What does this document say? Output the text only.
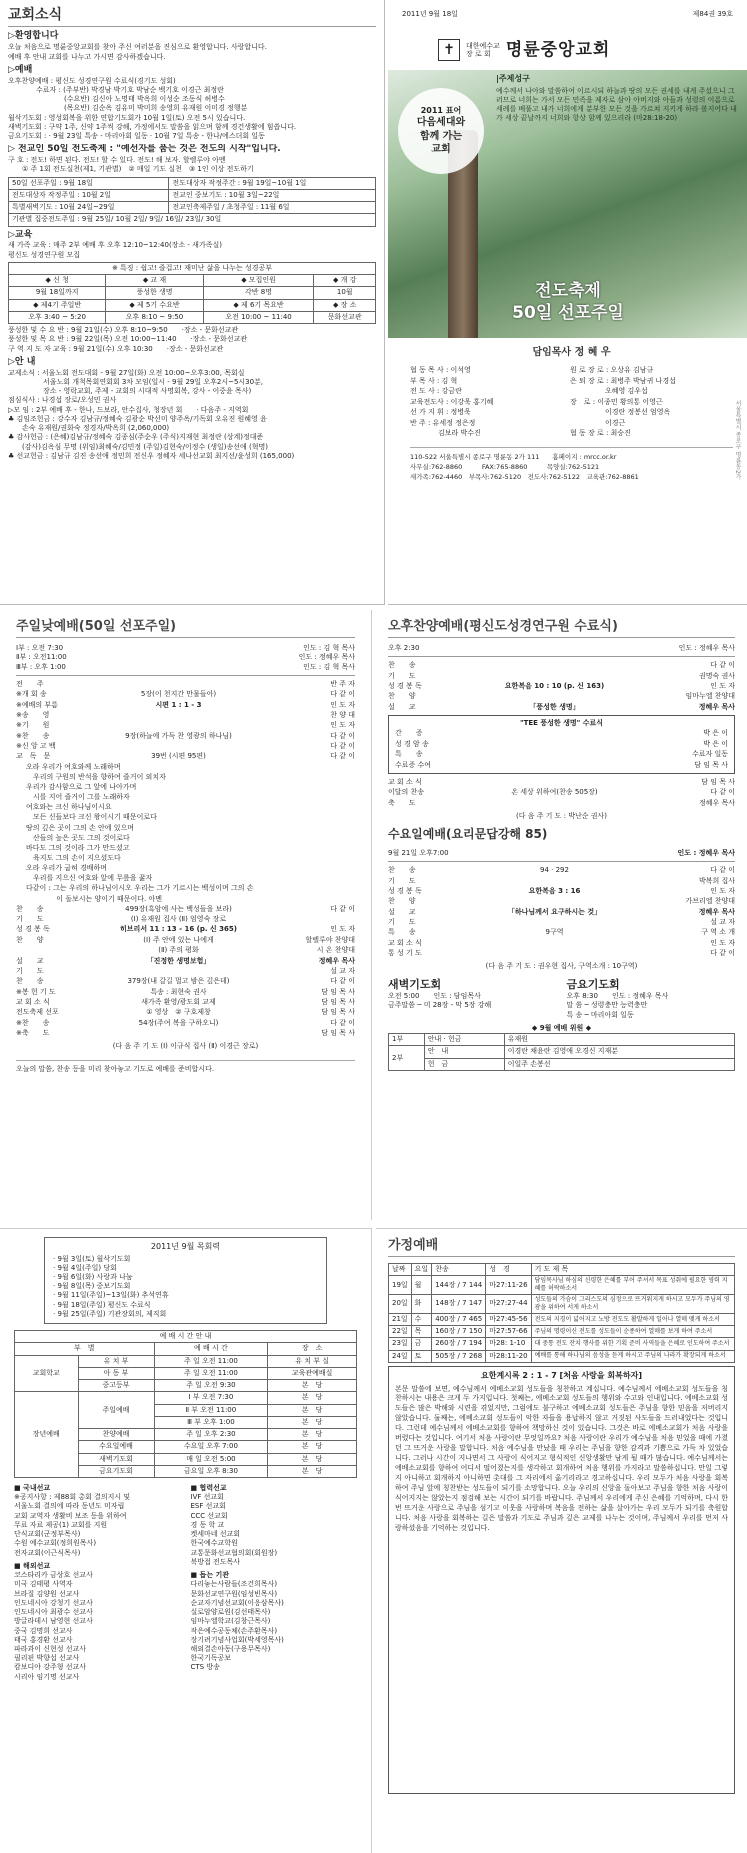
교회소식
▷환영합니다
오늘 처음으로 명륜중앙교회를 찾아 주신 여러분을 진심으로 환영합니다. 사랑합니다.
예배 후 안내 교회를 나누고 가시면 감사하겠습니다.
▷예배
오후찬양예배 : 평신도 성경연구원 수료식(경기도 성회)
　　　　수료자 : (주부반) 박경남 박기호 박남순 백기호 이경근 최정란
　　　　　　　　(수요반) 김신아 노명태 박옥희 이성순 조동식 허병수
　　　　　　　　(목요반) 김순옥 김유미 박미희 송영희 유재원 이미경 정행분
월삭기도회 : 영성회복을 위한 연합기도회가 10월 1일(토) 오전 5시 있습니다.
새벽기도회 : 구약 1주, 신약 1주씩 강해, 가정에서도 말씀을 읽으며 함께 경건생활에 힘씁니다.
금요기도회 : · 9월 23일 특송 - 마리아회 일동 · 10월 7일 특송 - 한나/에스더회 일동
▷ 전교인 50일 전도축제 : "예선자를 품는 것은 전도의 시작"입니다.
구 호 : 전도! 하면 된다. 전도! 할 수 있다. 전도! 해 보자. 할렐루야 아멘
　　① 주 1회 전도실천(제1, 기관별)　② 매일 기도 실천　③ 1인 이상 전도하기
50일 선포주일 : 9월 18일	전도대상자 작정주간 : 9월 19일~10월 1일
전도대상자 작정주일 : 10월 2일	전교인 중보기도 : 10월 3일~22일
특별새벽기도 : 10월 24일~29일	전교인축제주일 / 초청주일 : 11월 6일
기관별 집중전도주일 : 9월 25일/ 10월 2일/ 9일/ 16일/ 23일/ 30일	
▷교육
새 가족 교육 : 매주 2부 예배 후 오후 12:10~12:40(장소 - 새가족실)
평신도 성경연구원 모집
※ 특징 : 쉽고! 즐겁고! 재미난 삶을 나누는 성경공부			
◆ 신 청	◆ 교 재	◆ 모집인원	◆ 개 강
9월 18일까지	풍성한 생명	각반 8명	10월
◆ 제4기 주일반	◆ 제 5기 수요반	◆ 제 6기 목요반	◆ 장 소
오후 3:40 ~ 5:20	오후 8:10 ~ 9:50	오전 10:00 ~ 11:40	문화선교관
풍성한 및 수 요 반 : 9월 21일(수) 오후 8:10~9:50　　·장소 - 문화선교관
풍성한 및 목 요 반 : 9월 22일(목) 오전 10:00~11:40　　·장소 - 문화선교관
구 역 지 도 자 교육 : 9월 21일(수) 오후 10:30　　·장소 - 문화선교관
▷안 내
교제소식 : 서울노회 전도대회 - 9월 27일(화) 오전 10:00~오후3:00, 목회실
　　　　　서울노회 개척목회연회회 3차 모임(일시 - 9월 29일 오후2시~5시30분,
　　　　　장소 - 영락교회, 주제 - 교회의 시대적 사명회복, 강사 - 이중윤 목사)
점심식사 : 나경섭 장로/오성민 권사
▷모 임 : 2부 예배 후 - 한나, 드보라, 안수집사, 청장년 회　　· 다음주 - 지역회
♣ 김임조헌금 : 강수자 김남규/정혜숙 김광순 박선미 양주옥/기독회 오유진 원혜영 윤
　　손숙 유재원/권화숙 정경자/박옥희 (2,060,000)
♣ 감사헌금 : (은혜)김남규/정혜숙 김종심(주순우 (주식)지재현 최정란 (상계)정대준
　　(감사)김옥심 무명 (위임)최혜숙/김민정 (주일)김현숙/이정수 (생일)송선애 (혁명)
♣ 선교헌금 : 김남규 김진 송선애 정민희 전신우 정혜자 세나선교회 최지선/윤성희 (165,000)
2011년 9월 18일	제84권 39호
✝	대한예수교
장 로 회 명륜중앙교회
2011 표어
다음세대와
함께 가는
교회
|주제성구
예수께서 나아와 말씀하여 이르시되 하늘과 땅의 모든 권세를 내게 주셨으니 그러므로 너희는 가서 모든 민족을 제자로 삼아 아버지와 아들과 성령의 이름으로 세례를 베풀고 내가 너희에게 분부한 모든 것을 가르쳐 지키게 하라 볼지어다 내가 세상 끝날까지 너희와 항상 함께 있으리라 (마28:18-20)
전도축제
50일 선포주일
담임목사 정 혜 우
협 동 목 사 : 이석영	원 로 장 로 : 오상유 김남규
부 목 사 : 김 혁	은 퇴 장 로 : 최병주 박남귀 나경섭
전 도 사 : 강금란	　　　　　오혜영 김우섭
교육전도사 : 이강욱 홍기혜	장　로 : 이종민 황의통 이영근
선 가 지 휘 : 정병욱	　　　　　이경란 정봉선 엄영옥
반 주 : 유세정 정은정	　　　　　이경근
　　　　김보라 박수진	협 동 장 로 : 최승진
110-522 서울특별시 종로구 명륜동 2가 111　　홈페이지 : mrcc.or.kr
사무실:762-8860　　　FAX:765-8860　　　목양실:762-5121
새가족:762-4460　부목사:762-5120　전도사:762-5122　교육관:762-8861	서울특별시 종로구 명륜동2가
주일낮예배(50일 선포주일)
Ⅰ부 : 오전 7:30	인도 : 김 혁 목사
Ⅱ부 : 오전11:00	인도 : 정혜우 목사
Ⅲ부 : 오후 1:00	인도 : 김 혁 목사
전　　주	반 주 자
※개 회 송	5장(이 천지간 만물들아)	다 같 이
※예배의 부름	시편 1 : 1 - 3	인 도 자
※송　　영	찬 양 대
※기　　원	인 도 자
※찬　　송	9장(하늘에 가득 찬 영광의 하나님)	다 같 이
※신 앙 고 백	다 같 이
교　독　문	39번 (시편 95편)	다 같 이
오라 우리가 여호와께 노래하며
　우리의 구원의 반석을 향하여 즐거이 외치자
우리가 감사함으로 그 앞에 나아가며
　시를 지어 즐거이 그를 노래하자
여호와는 크신 하나님이시요
　모든 신들보다 크신 왕이시기 때문이로다
땅의 깊은 곳이 그의 손 안에 있으며
　산들의 높은 곳도 그의 것이로다
바다도 그의 것이라 그가 만드셨고
　육지도 그의 손이 지으셨도다
오라 우리가 굽혀 경배하며
　우리를 지으신 여호와 앞에 무릎을 꿇자
다같이 : 그는 우리의 하나님이시오 우리는 그가 기르시는 백성이며 그의 손
　　　　 이 돌보시는 양이기 때문이다. 아멘
찬　　송	499장(흑암에 사는 백성들을 보라)	다 같 이
기　　도	(Ⅰ) 유재원 집사 (Ⅱ) 엄영숙 장로
성 경 봉 독	히브리서 11 : 13 - 16 (p. 신 365)	인 도 자
찬　　양	(Ⅰ) 주 안에 있는 나에게	할렐루야 찬양대
(Ⅱ) 주의 평화	시 온 찬양대
설　　교	「진정한 생명보험」	정혜우 목사
기　　도	설 교 자
찬　　송	379장(내 갈길 멀고 밤은 깊은데)	다 같 이
※봉 헌 기 도	특송 : 최현숙 권사	담 임 목 사
교 회 소 식	새가족 환영/광도회 교제	담 임 목 사
전도축제 선포	① 영상　② 구호제창	담 임 목 사
※찬　　송	54장(주여 복을 구하오니)	다 같 이
※축　　도	담 임 목 사
(다 음 주 기 도 (Ⅰ) 이규식 집사 (Ⅱ) 이경근 장로)
오늘의 말씀, 찬송 등을 미리 찾아놓고 기도로 예배를 준비합시다.
오후찬양예배(평신도성경연구원 수료식)
오후 2:30	인도 : 정혜우 목사
찬　　송	다 같 이
기　　도	권명숙 권사
성 경 봉 독	요한복음 10 : 10 (p. 신 163)	인 도 자
찬　　양	임마누엘 찬양대
설　　교	「풍성한 생명」	정혜우 목사
"TEE 풍성한 생명" 수료식
간　　증	박 은 이
성 경 암 송	박 은 이
특　　송	수료자 일동
수료증 수여	담 임 목 사
교 회 소 식	담 임 목 사
이달의 찬송	온 세상 위하여(찬송 505장)	다 같 이
축　　도	정혜우 목사
(다 음 주 기 도 : 박난순 권사)
수요일예배(요리문답강해 85)
9월 21일 오후7:00	인도 : 정혜우 목사
찬　　송	94 · 292	다 같 이
기　　도	박복희 집사
성 경 봉 독	요한복음 3 : 16	인 도 자
찬　　양	가브리엘 찬양대
설　　교	「하나님께서 요구하시는 것」	정혜우 목사
기　　도	설 교 자
특　　송	9구역	구 역 소 개
교 회 소 식	인 도 자
통 성 기 도	다 같 이
(다 음 주 기 도 : 권우현 집사, 구역소개 : 10구역)
새벽기도회
오전 5:00　　인도 : 담임목사
금주말씀 ─ 미 28장 - 막 5장 강해
금요기도회
오후 8:30　　인도 : 정혜우 목사
말 씀 ─ 성령충만 능력충만
특 송 ─ 마리아회 일동
◆ 9월 예배 위원 ◆
1부	안내 · 헌금	유재원
2부	안　내	이경란 채윤란 김영애 오경신 지재분
	헌　금	이일주 손봉선
2011년 9월 목회력
· 9월 3일(토) 월삭기도회
· 9월 4일(주일) 당회
· 9월 6일(화) 사랑과 나눔
· 9월 8일(목) 중보기도회
· 9월 11일(주일)~13일(화) 추석연휴
· 9월 18일(주일) 평신도 수료식
· 9월 25일(주일) 기관장회의, 제직회
예 배 시 간 안 내			
부　별		예 배 시 간	장　소
교회학교	유 치 부	주 일 오전 11:00	유 치 부 실
	아 동 부	주 일 오전 11:00	교육관예배실
	중고등부	주 일 오전 9:30	본　당
장년예배	주일예배	Ⅰ 부 오전 7:30	본　당
		Ⅱ 부 오전 11:00	본　당
		Ⅲ 부 오후 1:00	본　당
	찬양예배	주 일 오후 2:30	본　당
	수요일예배	수요일 오후 7:00	본　당
	새벽기도회	매 일 오전 5:00	본　당
	금요기도회	금요일 오후 8:30	본　당
■ 국내선교
※공지사항 : 제88회 총회 결의지시 및
서울노회 결의에 따라 동년도 미자립
교회 교역자 생활비 보조 등을 위하여
무료 자료 제공(1) 교회를 지원
단식교회(군정부목사)
수원 예수교회(정희원목사)
전자교회(이근식목사)
■ 해외선교
코스타리카 금상호 선교사
미국 김태평 사역자
브라질 김양원 선교사
인도네시아 강청기 선교사
인도네시아 최광수 선교사
방글라데시 남영현 선교사
중국 김명희 선교사
태국 홍경환 선교사
파라과이 신현성 선교사
필리핀 박향섭 선교사
캄보디아 강주형 선교사
시리아 임기명 선교사
■ 협력선교
IVF 선교회
ESF 선교회
CCC 선교회
경 동 학 교
켓세마네 선교회
한국예수교학원
교통문화선교협의회(회원장)
북방접 전도목사
■ 돕는 기관
다리놓는사람들(조건희목사)
문화선교연구원(임성빈목사)
순교자기념선교회(이응삼목사)
실로암양로원(김선태목사)
임마누엘학교(김창근목사)
작은예수공동체(손주환목사)
장기려기념사업회(박세영목사)
해외결손아동(구용무목사)
한국기독공보
CTS 방송
가정예배
날짜	요일	찬송	성　경	기 도 제 목
19일	월	144장 / 7 144	마27:11-26	담임목사님 하심의 신령한 은혜를 부어 주셔서 목표 성취에 필요한 영력 지혜를 허락하소서
20일	화	148장 / 7 147	마27:27-44	성도들의 가슴이 그리스도의 심정으로 뜨거워지게 하시고 모두가 주님의 영광을 위하여 서게 하소서
21일	수	400장 / 7 465	마27:45-56	전도의 지경이 넓어지고 노방 전도도 활발하게 일어나 열매 맺게 하소서
22일	목	160장 / 7 150	마27:57-66	주님의 명령이신 전도를 성도들이 순종하여 열매를 보게 하여 주소서
23일	금	260장 / 7 194	마28: 1-10	대 중통 전도 잔치 행사를 위한 기획 준비 사역들을 은혜로 인도하여 주소서
24일	토	505장 / 7 268	마28:11-20	예배를 통해 하나님의 음성을 듣게 하시고 주님의 나라가 확장되게 하소서
요한계시록 2 : 1 - 7 [처음 사랑을 회복하자]
본문 말씀에 보면, 예수님께서 에베소교회 성도들을 칭찬하고 계십니다. 예수님께서 에베소교회 성도들을 칭찬하시는 내용은 크게 두 가지입니다. 첫째는, 에베소교회 성도들의 행위와 수고와 인내입니다. 에베소교회 성도들은 많은 박해와 시련을 겪었지만, 그럼에도 불구하고 에베소교회 성도들은 주님을 향한 믿음을 저버리지 않았습니다. 둘째는, 에베소교회 성도들이 악한 자들을 용납하지 않고 거짓된 사도들을 드러내었다는 것입니다. 그런데 예수님께서 에베소교회를 향하여 책망하신 것이 있습니다. 그것은 바로 에베소교회가 처음 사랑을 버렸다는 것입니다. 여기서 처음 사랑이란 무엇일까요? 처음 사랑이란 우리가 예수님을 처음 믿었을 때에 가졌던 그 뜨거운 사랑을 말합니다. 처음 예수님을 만났을 때 우리는 주님을 향한 감격과 기쁨으로 가득 차 있었습니다. 그러나 시간이 지나면서 그 사랑이 식어지고 형식적인 신앙생활만 남게 될 때가 많습니다. 예수님께서는 에베소교회를 향하여 어디서 떨어졌는지를 생각하고 회개하여 처음 행위를 가지라고 말씀하십니다. 만일 그렇지 아니하고 회개하지 아니하면 촛대를 그 자리에서 옮기리라고 경고하십니다. 우리 모두가 처음 사랑을 회복하여 주님 앞에 칭찬받는 성도들이 되기를 소망합니다. 오늘 우리의 신앙을 돌아보고 주님을 향한 처음 사랑이 식어지지는 않았는지 점검해 보는 시간이 되기를 바랍니다. 주님께서 우리에게 주신 은혜를 기억하며, 다시 한 번 뜨거운 사랑으로 주님을 섬기고 이웃을 사랑하며 복음을 전하는 삶을 살아가는 우리 모두가 되기를 축원합니다. 처음 사랑을 회복하는 길은 말씀과 기도로 주님과 깊은 교제를 나누는 것이며, 주님께서 우리를 먼저 사랑하셨음을 기억하는 것입니다.
